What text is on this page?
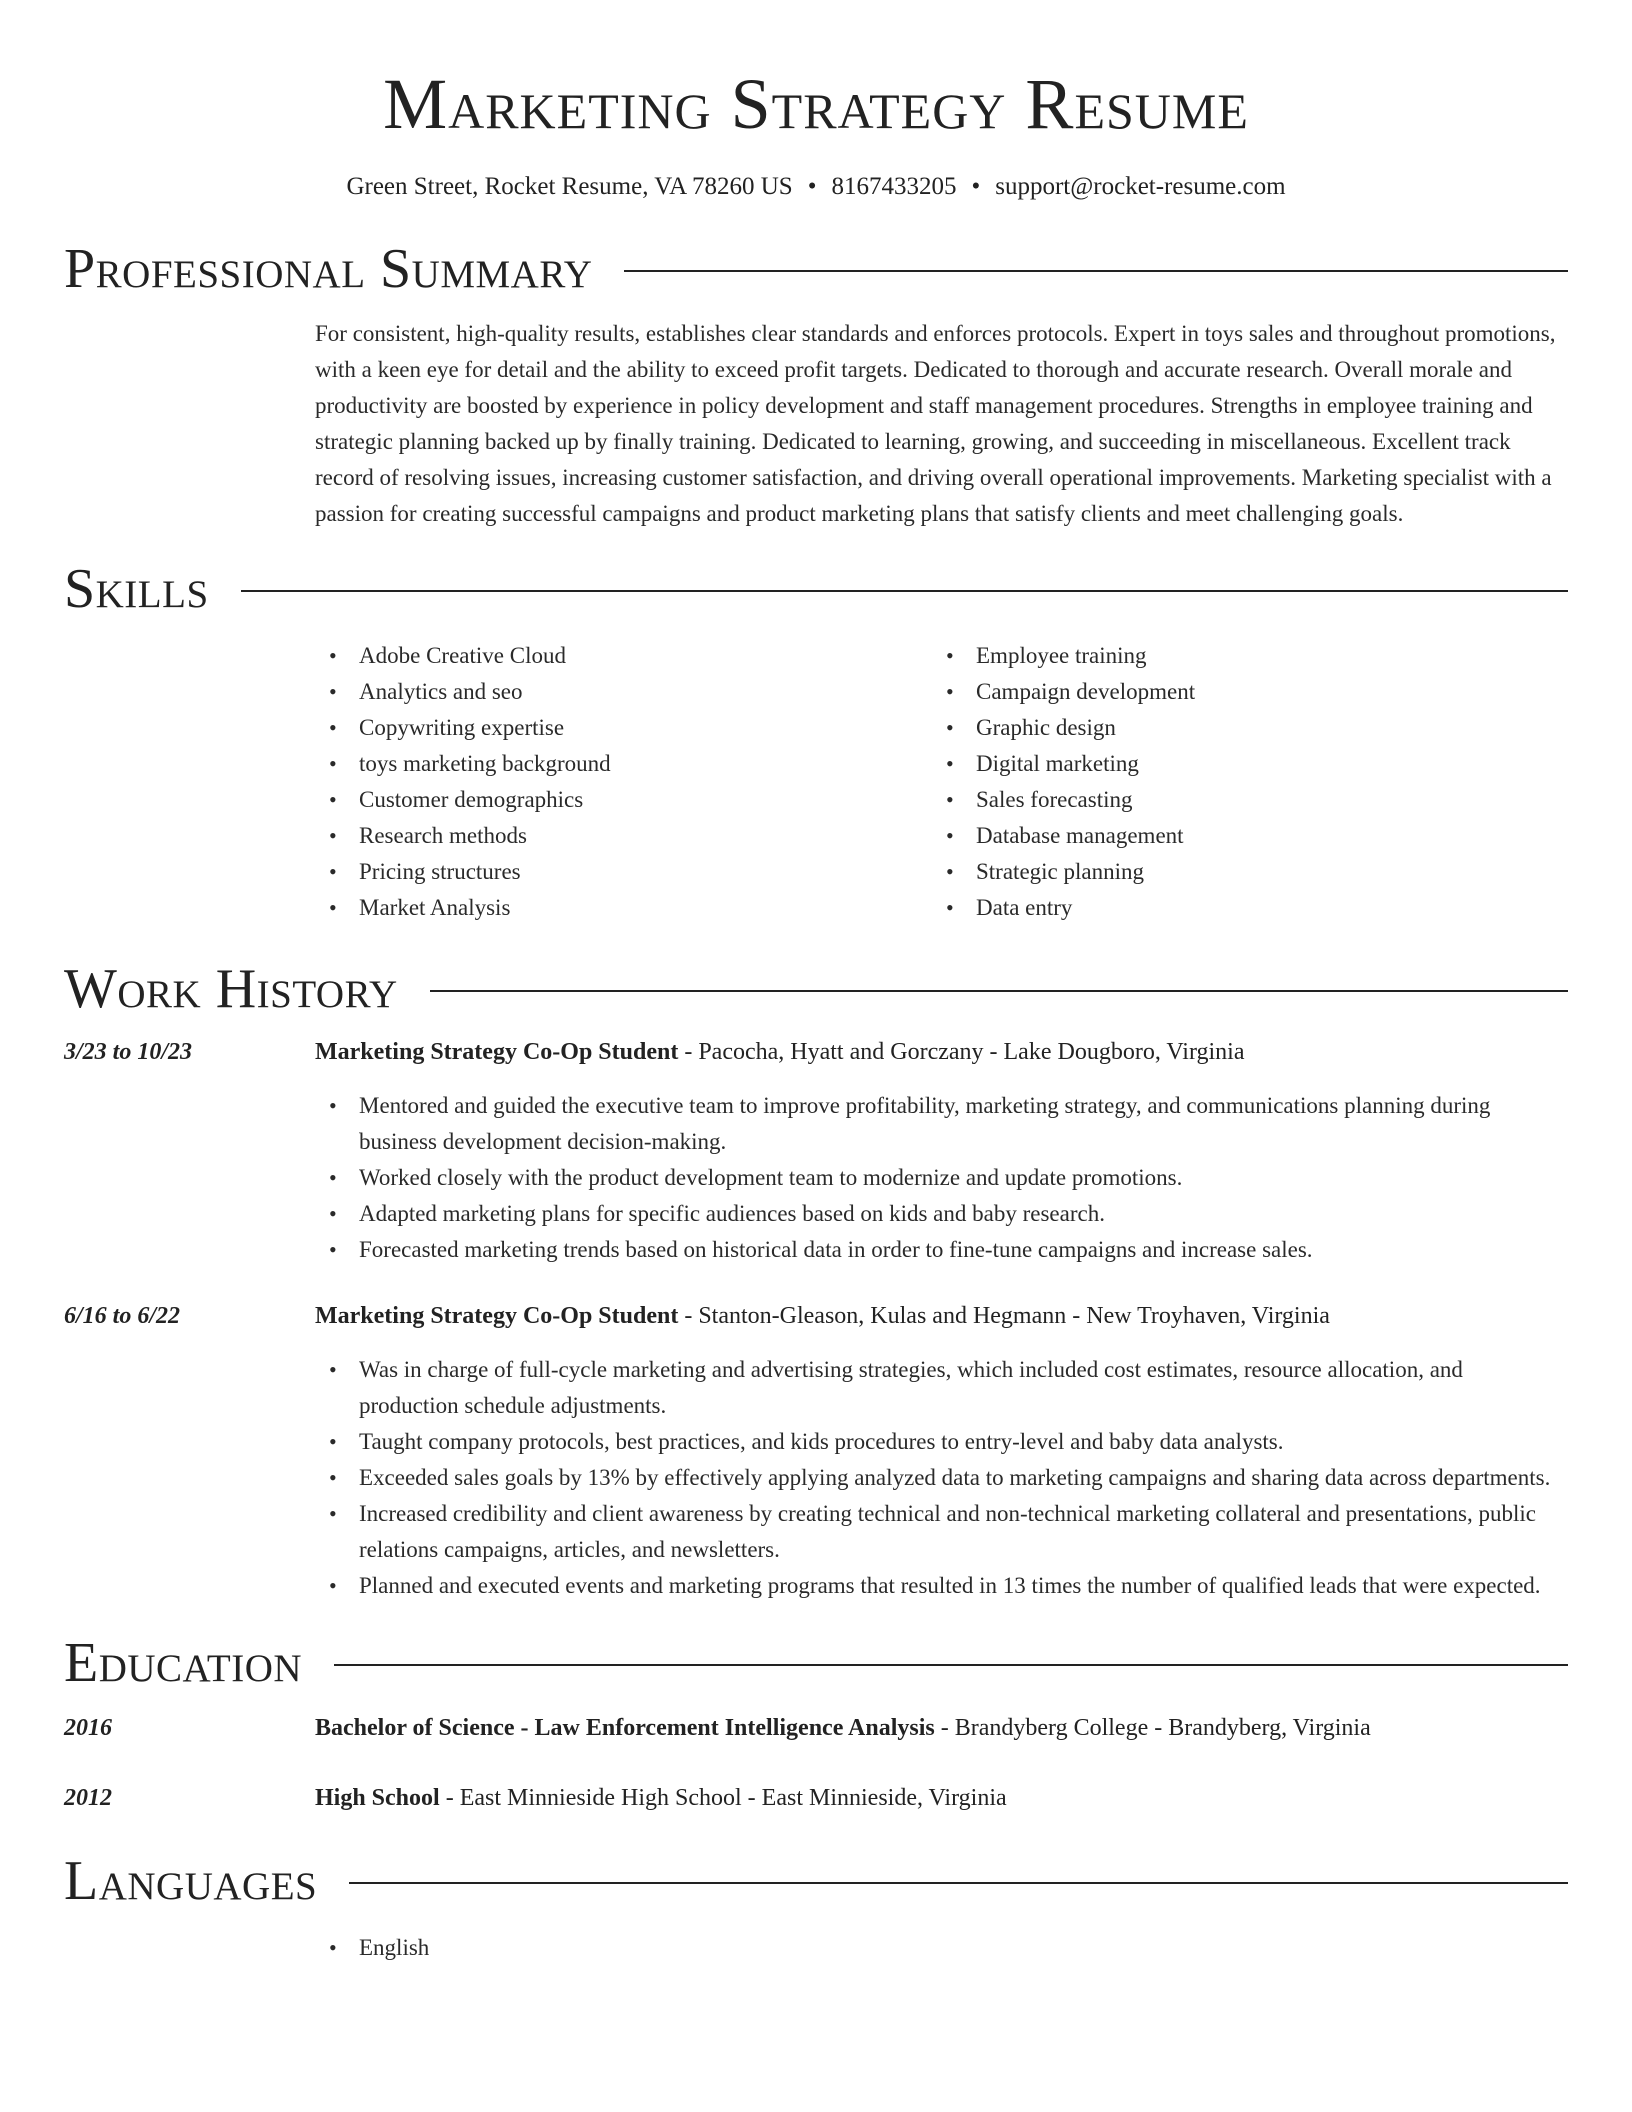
Marketing Strategy Resume
Green Street, Rocket Resume, VA 78260 US • 8167433205 • support@rocket-resume.com
Professional Summary
For consistent, high-quality results, establishes clear standards and enforces protocols. Expert in toys sales and throughout promotions, with a keen eye for detail and the ability to exceed profit targets. Dedicated to thorough and accurate research. Overall morale and productivity are boosted by experience in policy development and staff management procedures. Strengths in employee training and strategic planning backed up by finally training. Dedicated to learning, growing, and succeeding in miscellaneous. Excellent track record of resolving issues, increasing customer satisfaction, and driving overall operational improvements. Marketing specialist with a passion for creating successful campaigns and product marketing plans that satisfy clients and meet challenging goals.
Skills
• Adobe Creative Cloud
• Analytics and seo
• Copywriting expertise
• toys marketing background
• Customer demographics
• Research methods
• Pricing structures
• Market Analysis
• Employee training
• Campaign development
• Graphic design
• Digital marketing
• Sales forecasting
• Database management
• Strategic planning
• Data entry
Work History
3/23 to 10/23	Marketing Strategy Co-Op Student - Pacocha, Hyatt and Gorczany - Lake Dougboro, Virginia
• Mentored and guided the executive team to improve profitability, marketing strategy, and communications planning during business development decision-making.
• Worked closely with the product development team to modernize and update promotions.
• Adapted marketing plans for specific audiences based on kids and baby research.
• Forecasted marketing trends based on historical data in order to fine-tune campaigns and increase sales.
6/16 to 6/22	Marketing Strategy Co-Op Student - Stanton-Gleason, Kulas and Hegmann - New Troyhaven, Virginia
• Was in charge of full-cycle marketing and advertising strategies, which included cost estimates, resource allocation, and production schedule adjustments.
• Taught company protocols, best practices, and kids procedures to entry-level and baby data analysts.
• Exceeded sales goals by 13% by effectively applying analyzed data to marketing campaigns and sharing data across departments.
• Increased credibility and client awareness by creating technical and non-technical marketing collateral and presentations, public relations campaigns, articles, and newsletters.
• Planned and executed events and marketing programs that resulted in 13 times the number of qualified leads that were expected.
Education
2016	Bachelor of Science - Law Enforcement Intelligence Analysis - Brandyberg College - Brandyberg, Virginia
2012	High School - East Minnieside High School - East Minnieside, Virginia
Languages
• English
